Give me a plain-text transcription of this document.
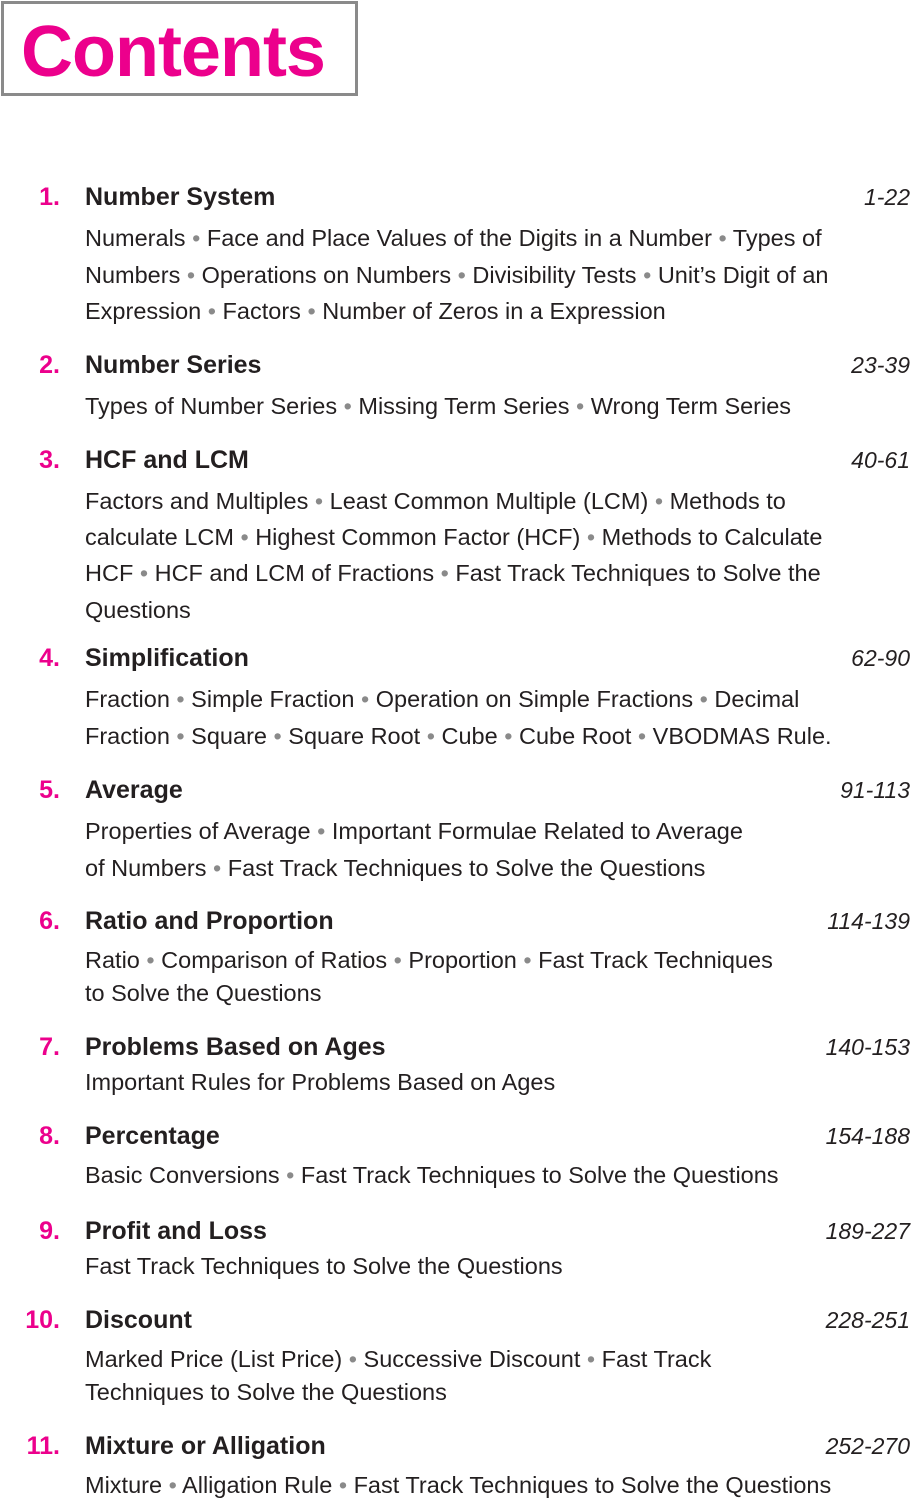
Contents
1. Number System	1-22
Numerals • Face and Place Values of the Digits in a Number • Types of
Numbers • Operations on Numbers • Divisibility Tests • Unit’s Digit of an
Expression • Factors • Number of Zeros in a Expression
2. Number Series	23-39
Types of Number Series • Missing Term Series • Wrong Term Series
3. HCF and LCM	40-61
Factors and Multiples • Least Common Multiple (LCM) • Methods to
calculate LCM • Highest Common Factor (HCF) • Methods to Calculate
HCF • HCF and LCM of Fractions • Fast Track Techniques to Solve the
Questions
4. Simplification	62-90
Fraction • Simple Fraction • Operation on Simple Fractions • Decimal
Fraction • Square • Square Root • Cube • Cube Root • VBODMAS Rule.
5. Average	91-113
Properties of Average • Important Formulae Related to Average
of Numbers • Fast Track Techniques to Solve the Questions
6. Ratio and Proportion	114-139
Ratio • Comparison of Ratios • Proportion • Fast Track Techniques
to Solve the Questions
7. Problems Based on Ages	140-153
Important Rules for Problems Based on Ages
8. Percentage	154-188
Basic Conversions • Fast Track Techniques to Solve the Questions
9. Profit and Loss	189-227
Fast Track Techniques to Solve the Questions
10. Discount	228-251
Marked Price (List Price) • Successive Discount • Fast Track
Techniques to Solve the Questions
11. Mixture or Alligation	252-270
Mixture • Alligation Rule • Fast Track Techniques to Solve the Questions
